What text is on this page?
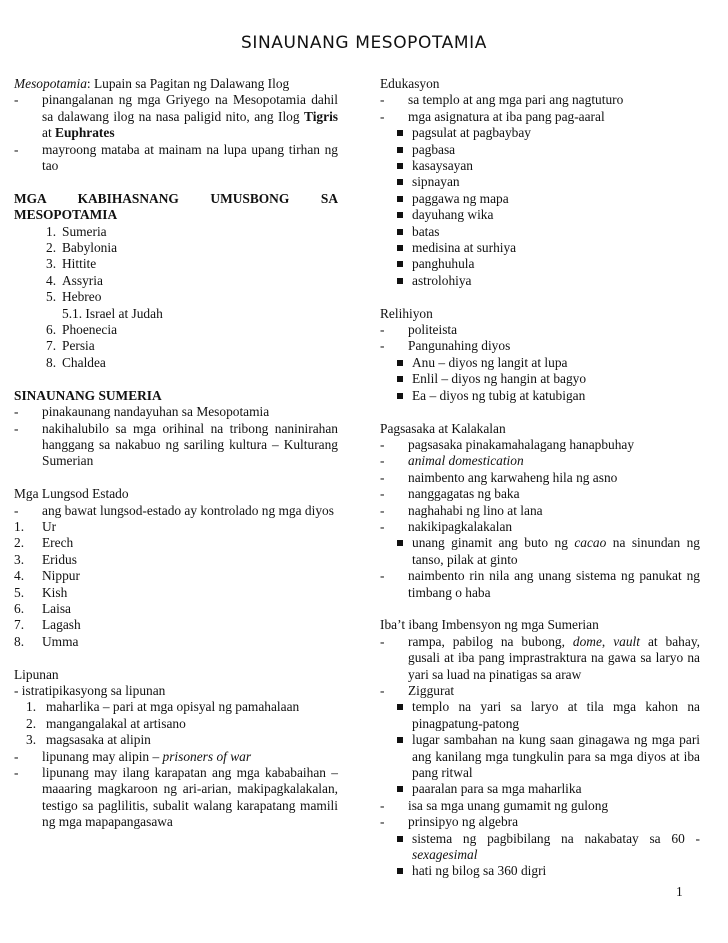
SINAUNANG MESOPOTAMIA

Mesopotamia: Lupain sa Pagitan ng Dalawang Ilog

- pinangalanan ng mga Griyego na Mesopotamia dahil sa dalawang ilog na nasa paligid nito, ang Ilog Tigris at Euphrates

- mayroong mataba at mainam na lupa upang tirhan ng tao

MGA KABIHASNANG UMUSBONG SA

MESOPOTAMIA

1. Sumeria

2. Babylonia

3. Hittite

4. Assyria

5. Hebreo

5.1. Israel at Judah

6. Phoenecia

7. Persia

8. Chaldea

SINAUNANG SUMERIA

- pinakaunang nandayuhan sa Mesopotamia

- nakihalubilo sa mga orihinal na tribong naninirahan hanggang sa nakabuo ng sariling kultura – Kulturang Sumerian

Mga Lungsod Estado

- ang bawat lungsod-estado ay kontrolado ng mga diyos

1. Ur

2. Erech

3. Eridus

4. Nippur

5. Kish

6. Laisa

7. Lagash

8. Umma

Lipunan

- istratipikasyong sa lipunan

1. maharlika – pari at mga opisyal ng pamahalaan

2. mangangalakal at artisano

3. magsasaka at alipin

- lipunang may alipin – prisoners of war

- lipunang may ilang karapatan ang mga kababaihan – maaaring magkaroon ng ari-arian, makipagkalakalan, testigo sa paglilitis, subalit walang karapatang mamili ng mga mapapangasawa

Edukasyon

- sa templo at ang mga pari ang nagtuturo

- mga asignatura at iba pang pag-aaral

pagsulat at pagbaybay

pagbasa

kasaysayan

sipnayan

paggawa ng mapa

dayuhang wika

batas

medisina at surhiya

panghuhula

astrolohiya

Relihiyon

- politeista

- Pangunahing diyos

Anu – diyos ng langit at lupa

Enlil – diyos ng hangin at bagyo

Ea – diyos ng tubig at katubigan

Pagsasaka at Kalakalan

- pagsasaka pinakamahalagang hanapbuhay

- animal domestication

- naimbento ang karwaheng hila ng asno

- nanggagatas ng baka

- naghahabi ng lino at lana

- nakikipagkalakalan

unang ginamit ang buto ng cacao na sinundan ng tanso, pilak at ginto

- naimbento rin nila ang unang sistema ng panukat ng timbang o haba

Iba’t ibang Imbensyon ng mga Sumerian

- rampa, pabilog na bubong, dome, vault at bahay, gusali at iba pang imprastraktura na gawa sa laryo na yari sa luad na pinatigas sa araw

- Ziggurat

templo na yari sa laryo at tila mga kahon na pinagpatung-patong

lugar sambahan na kung saan ginagawa ng mga pari ang kanilang mga tungkulin para sa mga diyos at iba pang ritwal

paaralan para sa mga maharlika

- isa sa mga unang gumamit ng gulong

- prinsipyo ng algebra

sistema ng pagbibilang na nakabatay sa 60 - sexagesimal

hati ng bilog sa 360 digri

1
